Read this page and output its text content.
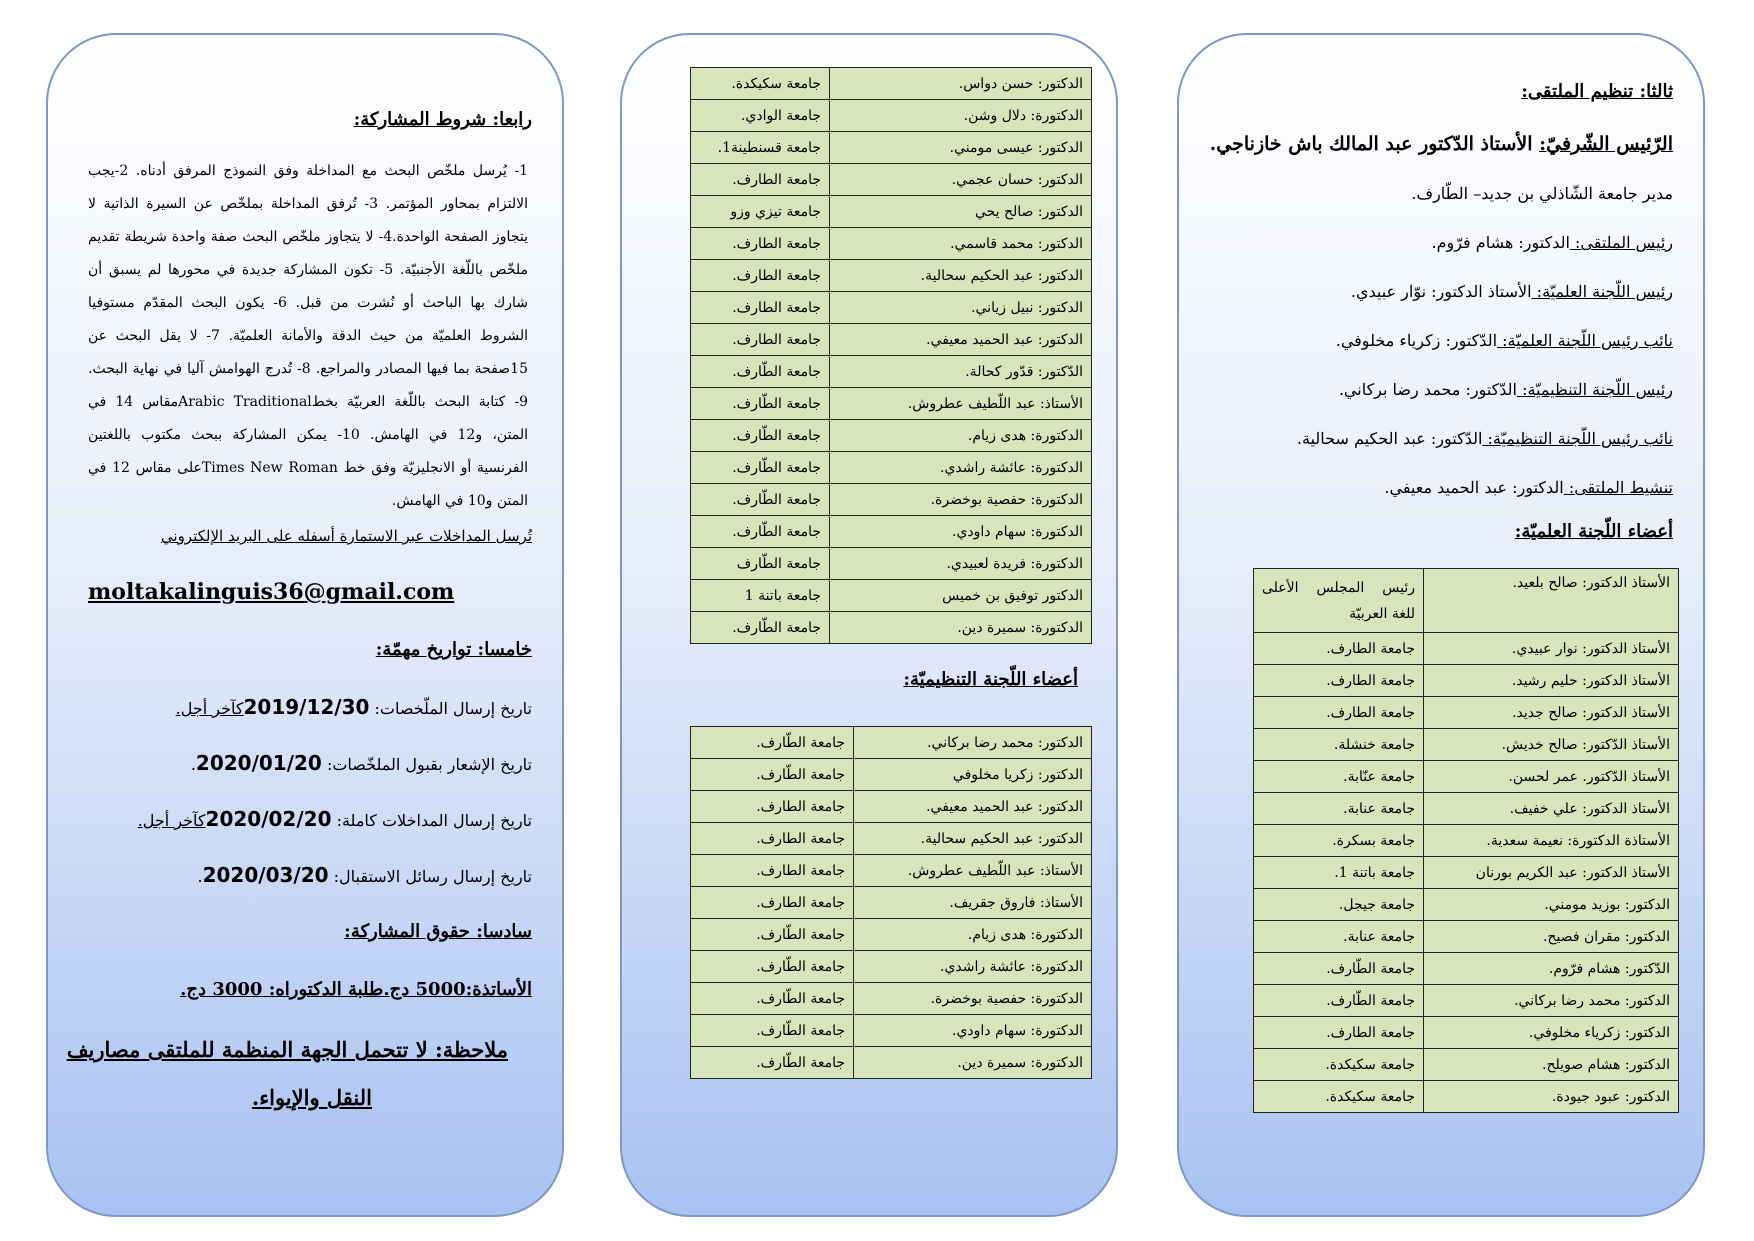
رابعا: شروط المشاركة:
1- يُرسل ملخّص البحث مع المداخلة وفق النموذج المرفق أدناه. 2-يجب الالتزام بمحاور المؤتمر. 3- تُرفق المداخلة بملخّص عن السيرة الذاتية لا يتجاوز الصفحة الواحدة.4- لا يتجاوز ملخّص البحث صفة واحدة شريطة تقديم ملخّص باللّغة الأجنبيّة. 5- تكون المشاركة جديدة في محورها لم يسبق أن شارك بها الباحث أو نُشرت من قبل. 6- يكون البحث المقدّم مستوفيا الشروط العلميّة من حيث الدقة والأمانة العلميّة. 7- لا يقل البحث عن 15صفحة بما فيها المصادر والمراجع. 8- تُدرج الهوامش آليا في نهاية البحث. 9- كتابة البحث باللّغة العربيّة بخطArabic Traditionalمقاس 14 في المتن، و12 في الهامش. 10- يمكن المشاركة ببحث مكتوب باللغتين الفرنسية أو الانجليزيّة وفق خط Times New Romanعلى مقاس 12 في المتن و10 في الهامش.
تُرسل المداخلات عبر الاستمارة أسفله على البريد الإلكتروني
moltakalinguis36@gmail.com
خامسا: تواريخ مهمّة:
تاريخ إرسال الملّخصات: 2019/12/30كآخر أجل.
تاريخ الإشعار بقبول الملخّصات: 2020/01/20.
تاريخ إرسال المداخلات كاملة: 2020/02/20كآخر أجل.
تاريخ إرسال رسائل الاستقبال: 2020/03/20.
سادسا: حقوق المشاركة:
الأساتذة:5000 دج.طلبة الدكتوراه: 3000 دج.
ملاحظة: لا تتحمل الجهة المنظمة للملتقى مصاريف
النقل والإيواء.
الدكتور: حسن دواس.	جامعة سكيكدة.
الدكتورة: دلال وشن.	جامعة الوادي.
الدكتور: عيسى مومني.	جامعة قسنطينة1.
الدكتور: حسان عجمي.	جامعة الطارف.
الدكتور: صالح يحي	جامعة تيزي وزو
الدكتور: محمد قاسمي.	جامعة الطارف.
الدكتور: عبد الحكيم سحالية.	جامعة الطارف.
الدكتور: نبيل زياني.	جامعة الطارف.
الدكتور: عبد الحميد معيفي.	جامعة الطارف.
الدّكتور: قدّور كحالة.	جامعة الطّارف.
الأستاذ: عبد اللّطيف عطروش.	جامعة الطّارف.
الدكتورة: هدى زيام.	جامعة الطّارف.
الدكتورة: عائشة راشدي.	جامعة الطّارف.
الدكتورة: حفصية بوخضرة.	جامعة الطّارف.
الدكتورة: سهام داودي.	جامعة الطّارف.
الدكتورة: فريدة لعبيدي.	جامعة الطّارف
الدكتور توفيق بن خميس	جامعة باتنة 1
الدكتورة: سميرة دين.	جامعة الطّارف.
أعضاء اللّجنة التنظيميّة:
الدكتور: محمد رضا بركاني.	جامعة الطّارف.
الدكتور: زكريا مخلوفي	جامعة الطّارف.
الدكتور: عبد الحميد معيفي.	جامعة الطارف.
الدكتور: عبد الحكيم سحالية.	جامعة الطارف.
الأستاذ: عبد اللّطيف عطروش.	جامعة الطارف.
الأستاذ: فاروق جقريف.	جامعة الطارف.
الدكتورة: هدى زيام.	جامعة الطّارف.
الدكتورة: عائشة راشدي.	جامعة الطّارف.
الدكتورة: حفصية بوخضرة.	جامعة الطّارف.
الدكتورة: سهام داودي.	جامعة الطّارف.
الدكتورة: سميرة دين.	جامعة الطّارف.
ثالثا: تنظيم الملتقى:
الرّئيس الشّرفيّ: الأستاذ الدّكتور عبد المالك باش خازناجي.
مدير جامعة الشّاذلي بن جديد– الطّارف.
رئيس الملتقى: الدكتور: هشام فرّوم.
رئيس اللّجنة العلميّة: الأستاذ الدكتور: نوّار عبيدي.
نائب رئيس اللّجنة العلميّة: الدّكتور: زكرياء مخلوفي.
رئيس اللّجنة التنظيميّة: الدّكتور: محمد رضا بركاني.
نائب رئيس اللّجنة التنظيميّة: الدّكتور: عبد الحكيم سحالية.
تنشيط الملتقى: الدكتور: عبد الحميد معيفي.
أعضاء اللّجنة العلميّة:
الأستاذ الدكتور: صالح بلعيد.	رئيس المجلس الأعلى
للغة العربيّة

الأستاذ الدكتور: نوار عبيدي.	جامعة الطارف.
الأستاذ الدكتور: حليم رشيد.	جامعة الطارف.
الأستاذ الدكتور: صالح جديد.	جامعة الطارف.
الأستاذ الدّكتور: صالح خديش.	جامعة خنشلة.
الأستاذ الدّكتور. عمر لحسن.	جامعة عنّابة.
الأستاذ الدكتور: علي خفيف.	جامعة عنابة.
الأستاذة الدكتورة: نعيمة سعدية.	جامعة بسكرة.
الأستاذ الدكتور: عبد الكريم بورنان	جامعة باتنة 1.
الدكتور: بوزيد مومني.	جامعة جيجل.
الدكتور: مقران فصيح.	جامعة عنابة.
الدّكتور: هشام فرّوم.	جامعة الطّارف.
الدكتور: محمد رضا بركاني.	جامعة الطّارف.
الدكتور: زكرياء مخلوفي.	جامعة الطارف.
الدكتور: هشام صويلح.	جامعة سكيكدة.
الدكتور: عبود جيودة.	جامعة سكيكدة.
